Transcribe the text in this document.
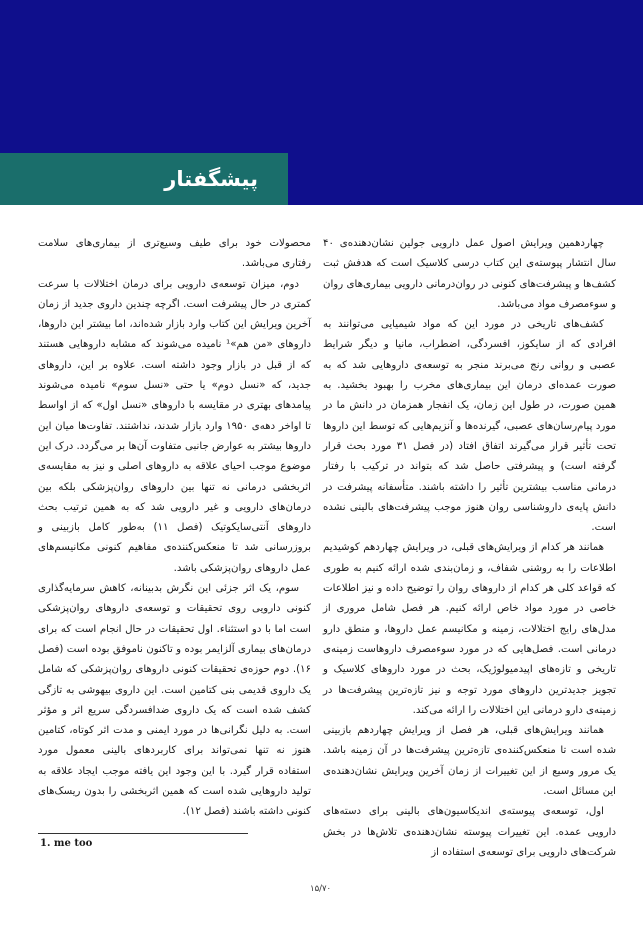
پیشگفتار

چهاردهمین ویرایش اصول عمل دارویی جولین نشان‌دهنده‌ی ۴۰ سال انتشار پیوسته‌ی این کتاب درسی کلاسیک است که هدفش ثبت کشف‌ها و پیشرفت‌های کنونی در روان‌درمانی دارویی بیماری‌های روان و سوءمصرف مواد می‌باشد.

کشف‌های تاریخی در مورد این که مواد شیمیایی می‌توانند به افرادی که از سایکوز، افسردگی، اضطراب، مانیا و دیگر شرایط عصبی و روانی رنج می‌برند منجر به توسعه‌ی داروهایی شد که به صورت عمده‌ای درمان این بیماری‌های مخرب را بهبود بخشید. به همین صورت، در طول این زمان، یک انفجار همزمان در دانش ما در مورد پیام‌رسان‌های عصبی، گیرنده‌ها و آنزیم‌هایی که توسط این داروها تحت تأثیر قرار می‌گیرند اتفاق افتاد (در فصل ۳۱ مورد بحث قرار گرفته است) و پیشرفتی حاصل شد که بتواند در ترکیب با رفتار درمانی مناسب بیشترین تأثیر را داشته باشند. متأسفانه پیشرفت در دانش پایه‌ی داروشناسی روان هنوز موجب پیشرفت‌های بالینی نشده است.

همانند هر کدام از ویرایش‌های قبلی، در ویرایش چهاردهم کوشیدیم اطلاعات را به روشنی شفاف، و زمان‌بندی شده ارائه کنیم به طوری که قواعد کلی هر کدام از داروهای روان را توضیح داده و نیز اطلاعات خاصی در مورد مواد خاص ارائه کنیم. هر فصل شامل مروری از مدل‌های رایج اختلالات، زمینه و مکانیسم عمل داروها، و منطق دارو درمانی است. فصل‌هایی که در مورد سوءمصرف داروهاست زمینه‌ی تاریخی و تازه‌های اپیدمیولوژیک، بحث در مورد داروهای کلاسیک و تجویز جدیدترین داروهای مورد توجه و نیز تازه‌ترین پیشرفت‌ها در زمینه‌ی دارو درمانی این اختلالات را ارائه می‌کند.

همانند ویرایش‌های قبلی، هر فصل از ویرایش چهاردهم بازبینی شده است تا منعکس‌کننده‌ی تازه‌ترین پیشرفت‌ها در آن زمینه باشد. یک مرور وسیع از این تغییرات از زمان آخرین ویرایش نشان‌دهنده‌ی این مسائل است.

اول، توسعه‌ی پیوسته‌ی اندیکاسیون‌های بالینی برای دسته‌های دارویی عمده. این تغییرات پیوسته نشان‌دهنده‌ی تلاش‌ها در بخش شرکت‌های دارویی برای توسعه‌ی استفاده از

محصولات خود برای طیف وسیع‌تری از بیماری‌های سلامت رفتاری می‌باشد.

دوم، میزان توسعه‌ی دارویی برای درمان اختلالات با سرعت کمتری در حال پیشرفت است. اگرچه چندین داروی جدید از زمان آخرین ویرایش این کتاب وارد بازار شده‌اند، اما بیشتر این داروها، داروهای «من هم»¹ نامیده می‌شوند که مشابه داروهایی هستند که از قبل در بازار وجود داشته است. علاوه بر این، داروهای جدید، که «نسل دوم» یا حتی «نسل سوم» نامیده می‌شوند پیامدهای بهتری در مقایسه با داروهای «نسل اول» که از اواسط تا اواخر دهه‌ی ۱۹۵۰ وارد بازار شدند، نداشتند. تفاوت‌ها میان این داروها بیشتر به عوارض جانبی متفاوت آن‌ها بر می‌گردد. درک این موضوع موجب احیای علاقه به داروهای اصلی و نیز به مقایسه‌ی اثربخشی درمانی نه تنها بین داروهای روان‌پزشکی بلکه بین درمان‌های دارویی و غیر دارویی شد که به همین ترتیب بحث داروهای آنتی‌سایکوتیک (فصل ۱۱) به‌طور کامل بازبینی و بروزرسانی شد تا منعکس‌کننده‌ی مفاهیم کنونی مکانیسم‌های عمل داروهای روان‌پزشکی باشد.

سوم، یک اثر جزئی این نگرش بدبینانه، کاهش سرمایه‌گذاری کنونی دارویی روی تحقیقات و توسعه‌ی داروهای روان‌پزشکی است اما با دو استثناء. اول تحقیقات در حال انجام است که برای درمان‌های بیماری آلزایمر بوده و تاکنون ناموفق بوده است (فصل ۱۶). دوم حوزه‌ی تحقیقات کنونی داروهای روان‌پزشکی که شامل یک داروی قدیمی بنی کتامین است. این داروی بیهوشی به تازگی کشف شده است که یک داروی ضدافسردگی سریع اثر و مؤثر است. به دلیل نگرانی‌ها در مورد ایمنی و مدت اثر کوتاه، کتامین هنوز نه تنها نمی‌تواند برای کاربردهای بالینی معمول مورد استفاده قرار گیرد. با این وجود این یافته موجب ایجاد علاقه به تولید داروهایی شده است که همین اثربخشی را بدون ریسک‌های کنونی داشته باشند (فصل ۱۲).

1. me too
۱۵/۷۰
